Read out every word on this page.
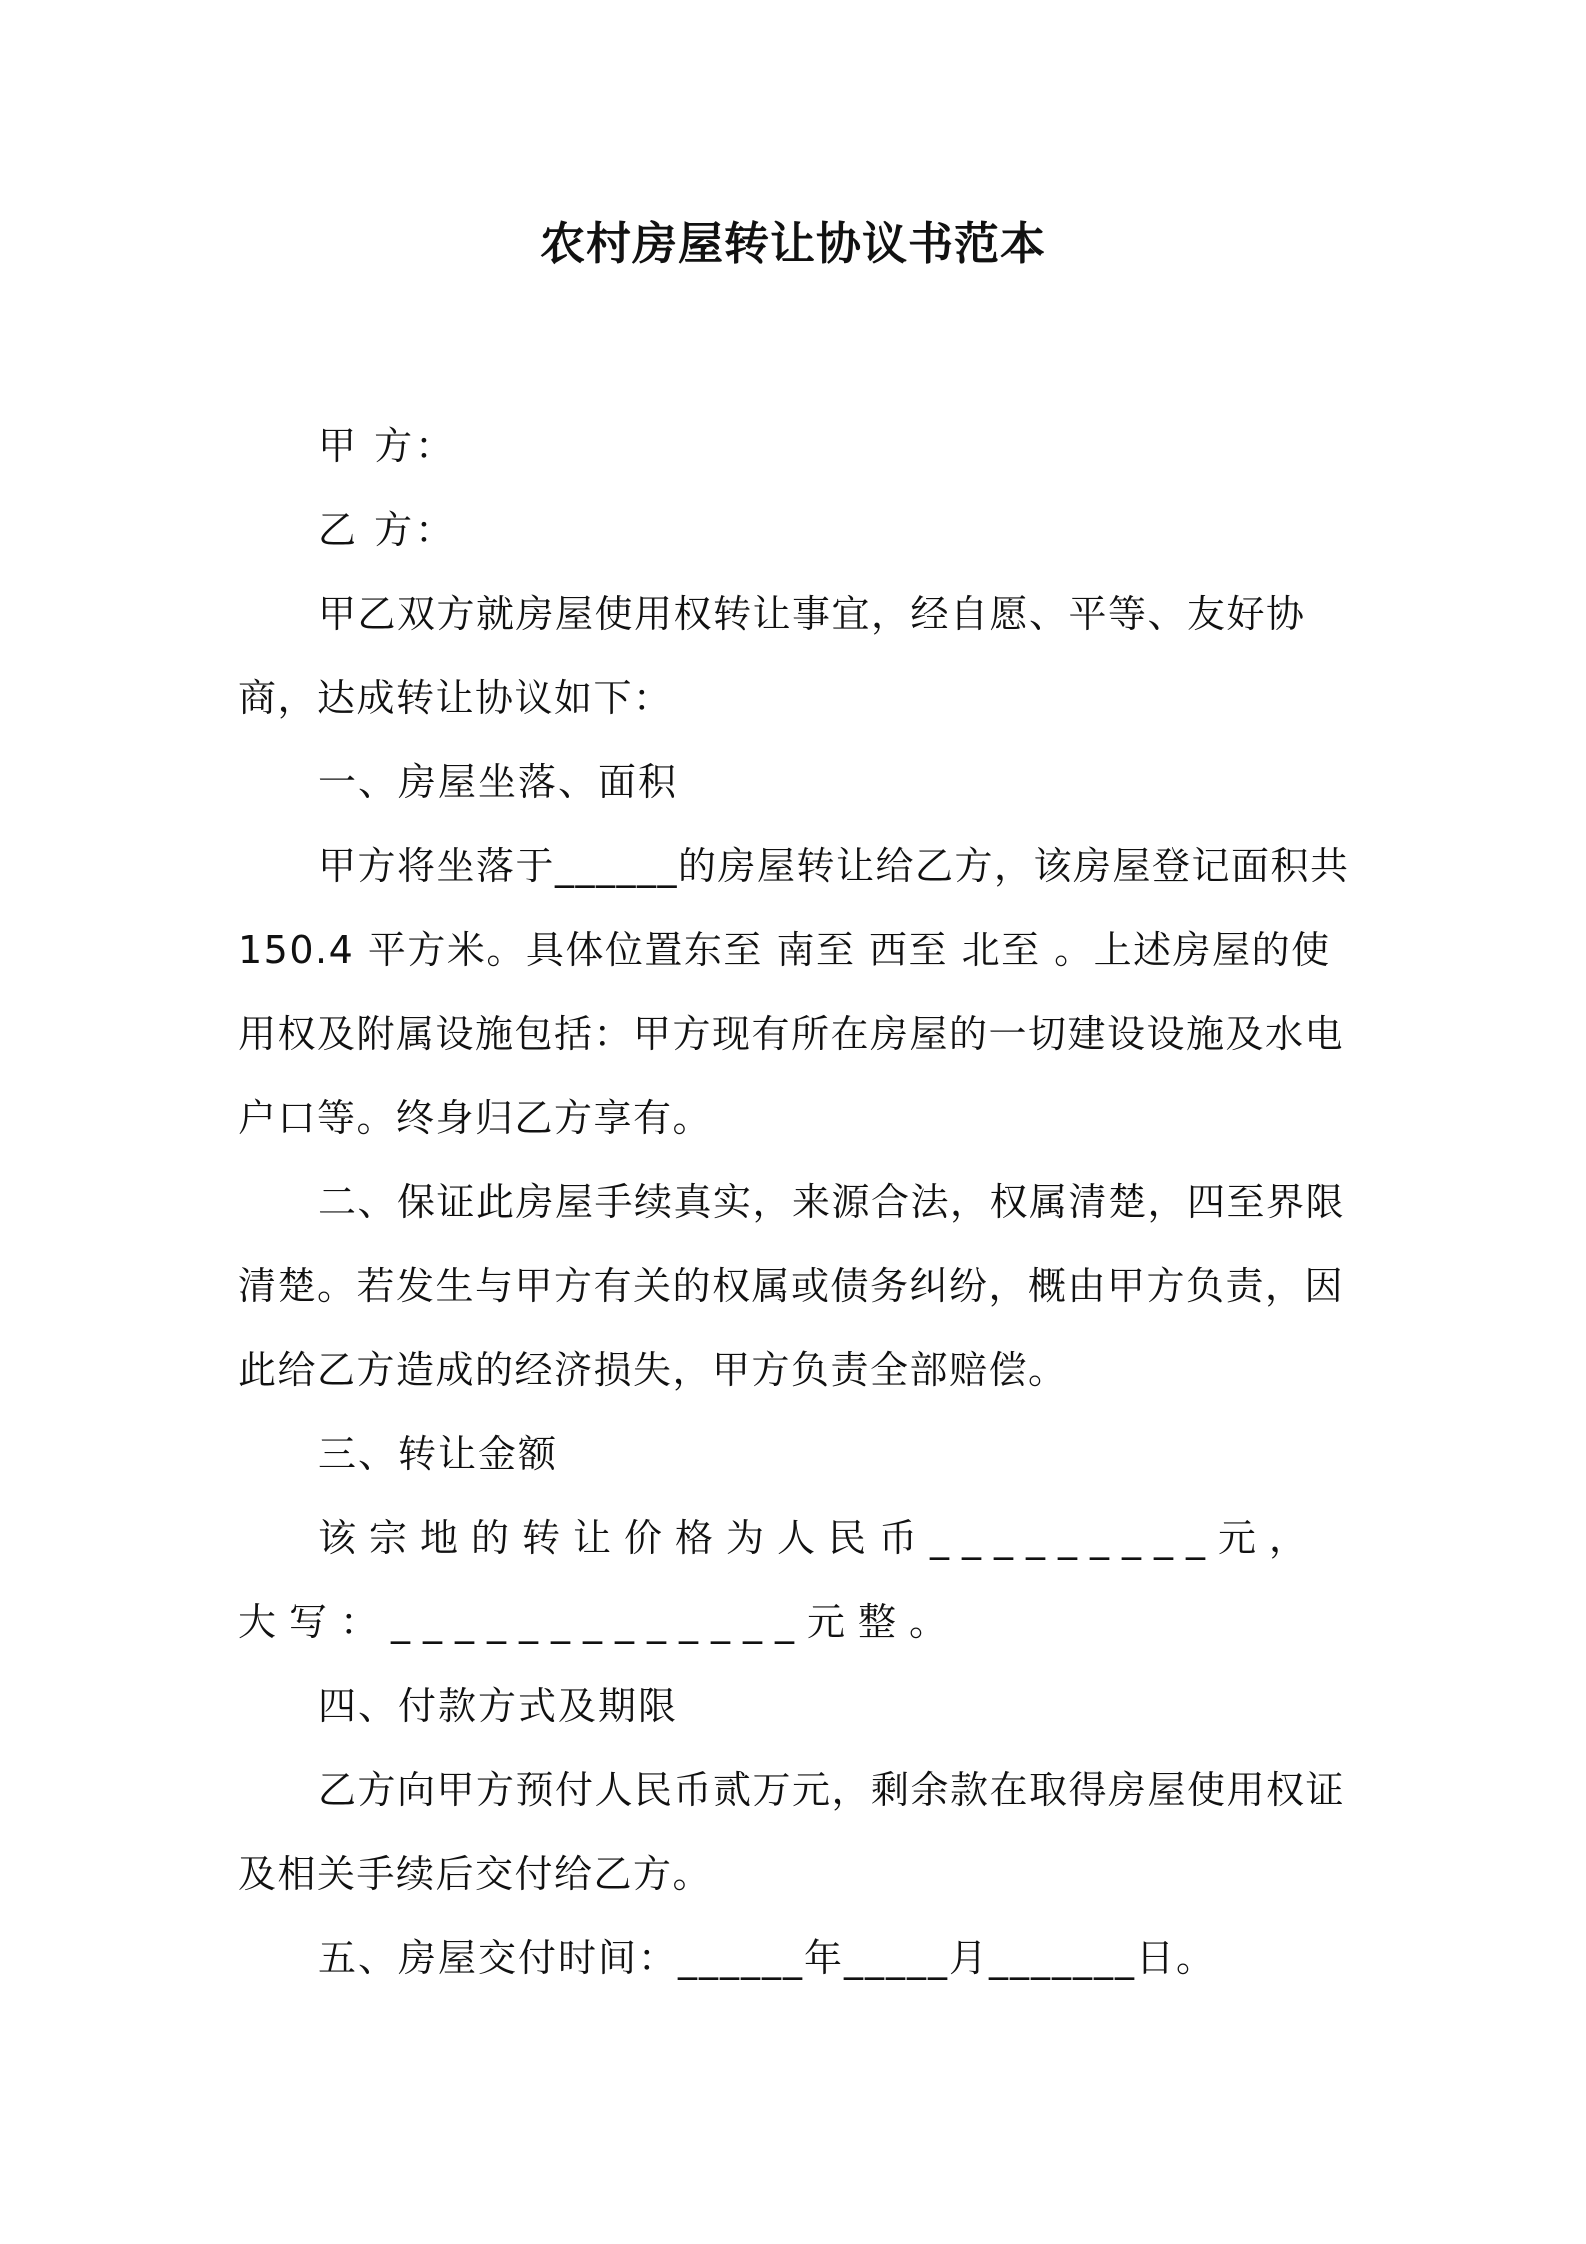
农村房屋转让协议书范本
甲 方：
乙 方：
甲乙双方就房屋使用权转让事宜，经自愿、平等、友好协商，达成转让协议如下：
一、房屋坐落、面积
甲方将坐落于______的房屋转让给乙方，该房屋登记面积共 150.4 平方米。具体位置东至 南至 西至 北至 。上述房屋的使用权及附属设施包括：甲方现有所在房屋的一切建设设施及水电户口等。终身归乙方享有。
二、保证此房屋手续真实，来源合法，权属清楚，四至界限清楚。若发生与甲方有关的权属或债务纠纷，概由甲方负责，因此给乙方造成的经济损失，甲方负责全部赔偿。
三、转让金额
该宗地的转让价格为人民币_________元，大写：_____________元整。
四、付款方式及期限
乙方向甲方预付人民币贰万元，剩余款在取得房屋使用权证及相关手续后交付给乙方。
五、房屋交付时间：______年_____月_______日。
